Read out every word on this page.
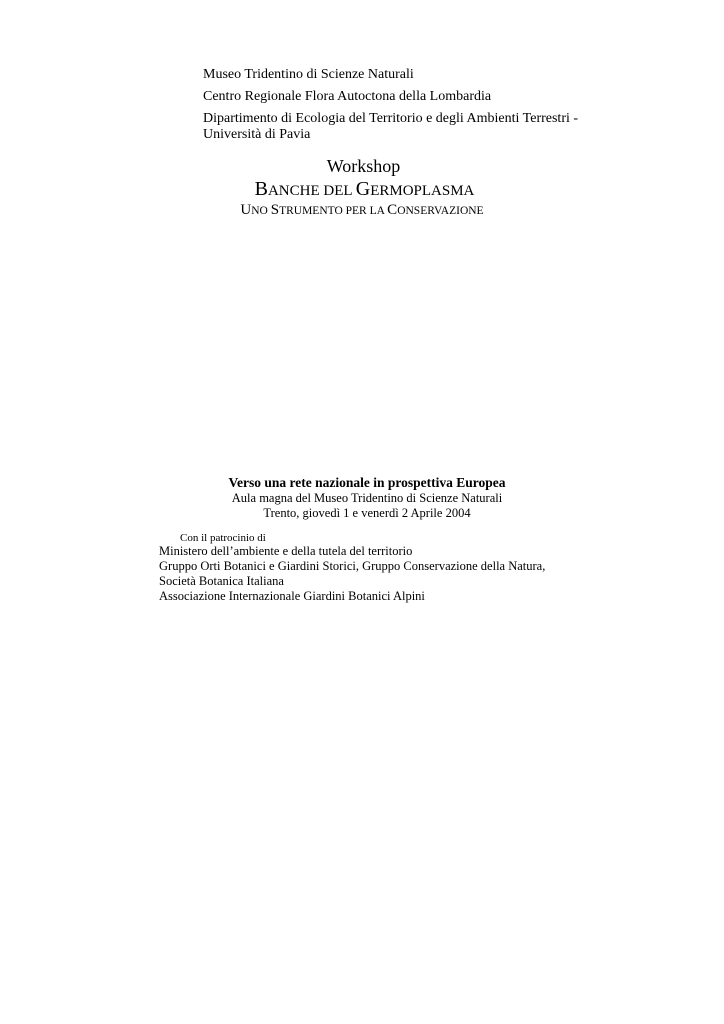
Museo Tridentino di Scienze Naturali
Centro Regionale Flora Autoctona della Lombardia
Dipartimento di Ecologia del Territorio e degli Ambienti Terrestri -
Università di Pavia
Workshop
BANCHE DEL GERMOPLASMA
UNO STRUMENTO PER LA CONSERVAZIONE
Verso una rete nazionale in prospettiva Europea
Aula magna del Museo Tridentino di Scienze Naturali
Trento, giovedì 1 e venerdì 2 Aprile 2004
Con il patrocinio di
Ministero dell’ambiente e della tutela del territorio
Gruppo Orti Botanici e Giardini Storici, Gruppo Conservazione della Natura,
Società Botanica Italiana
Associazione Internazionale Giardini Botanici Alpini
